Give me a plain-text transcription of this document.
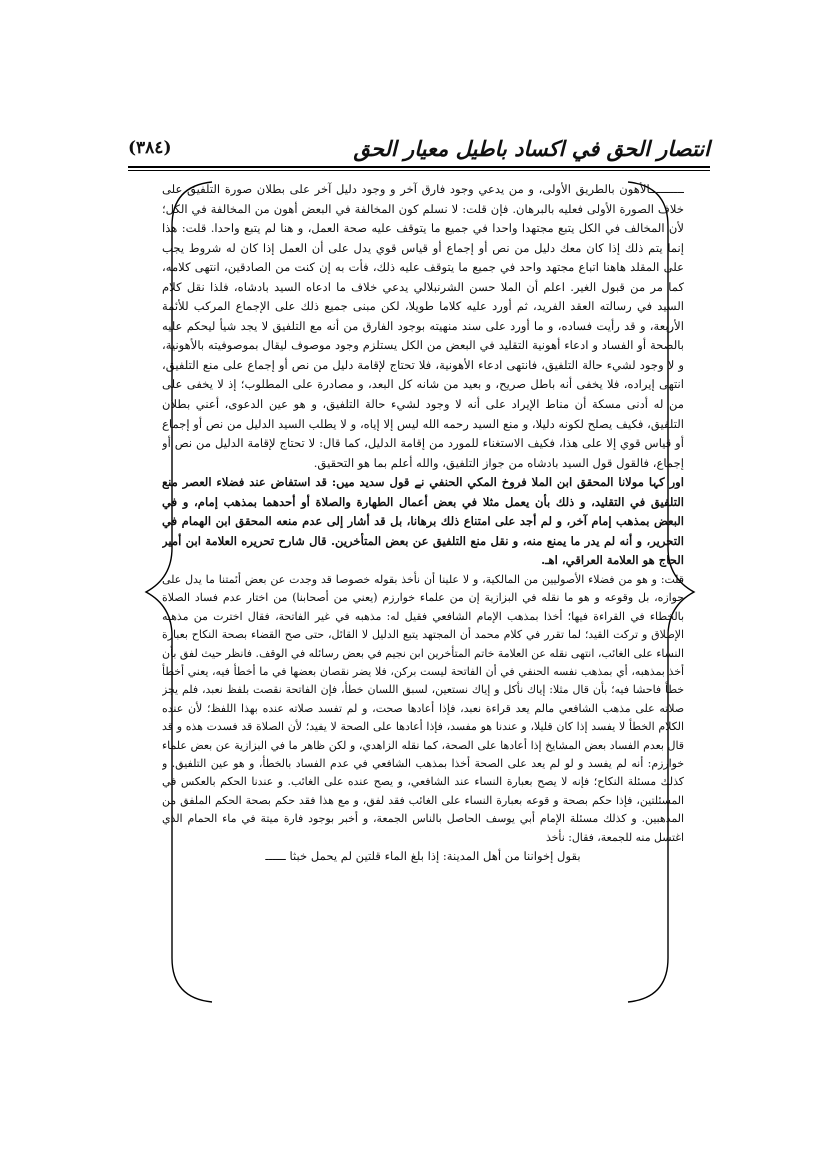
(٣٨٤)	انتصار الحق في اكساد باطيل معيار الحق

ــــــــــ الأهون بالطريق الأولى، و من يدعي وجود فارق آخر و وجود دليل آخر على بطلان صورة التلفيق على خلاف الصورة الأولى فعليه بالبرهان. فإن قلت: لا نسلم كون المخالفة في البعض أهون من المخالفة في الكل؛ لأن المخالف في الكل يتبع مجتهدا واحدا في جميع ما يتوقف عليه صحة العمل، و هنا لم يتبع واحدا. قلت: هذا إنما يتم ذلك إذا كان معك دليل من نص أو إجماع أو قياس قوي يدل على أن العمل إذا كان له شروط يجب على المقلد هاهنا اتباع مجتهد واحد في جميع ما يتوقف عليه ذلك، فأت به إن كنت من الصادقين، انتهى كلامه، كما مر من قبول الغير. اعلم أن الملا حسن الشرنبلالي يدعي خلاف ما ادعاه السيد بادشاه، فلذا نقل كلام السيد في رسالته العقد الفريد، ثم أورد عليه كلاما طويلا، لكن مبنى جميع ذلك على الإجماع المركب للأئمة الأربعة، و قد رأيت فساده، و ما أورد على سند منهيته بوجود الفارق من أنه مع التلفيق لا يجد شيأ ليحكم عليه بالصحة أو الفساد و ادعاء أهونية التقليد في البعض من الكل يستلزم وجود موصوف ليقال بموصوفيته بالأهونية، و لا وجود لشيء حالة التلفيق، فانتهى ادعاء الأهونية، فلا تحتاج لإقامة دليل من نص أو إجماع على منع التلفيق، انتهى إيراده، فلا يخفى أنه باطل صريح، و بعيد من شانه كل البعد، و مصادرة على المطلوب؛ إذ لا يخفى على من له أدنى مسكة أن مناط الإيراد على أنه لا وجود لشيء حالة التلفيق، و هو عين الدعوى، أعني بطلان التلفيق، فكيف يصلح لكونه دليلا، و منع السيد رحمه الله ليس إلا إياه، و لا يطلب السيد الدليل من نص أو إجماع أو قياس قوي إلا على هذا، فكيف الاستغناء للمورد من إقامة الدليل، كما قال: لا تحتاج لإقامة الدليل من نص أو إجماع، فالقول قول السيد بادشاه من جواز التلفيق، والله أعلم بما هو التحقيق.

اور كہا مولانا المحقق ابن الملا فروخ المكي الحنفي نے قول سديد میں: قد استفاض عند فضلاء العصر منع التلفيق في التقليد، و ذلك بأن يعمل مثلا في بعض أعمال الطهارة والصلاة أو أحدهما بمذهب إمام، و في البعض بمذهب إمام آخر، و لم أجد على امتناع ذلك برهانا، بل قد أشار إلى عدم منعه المحقق ابن الهمام في التحرير، و أنه لم يدر ما يمنع منه، و نقل منع التلفيق عن بعض المتأخرين. قال شارح تحريره العلامة ابن أمير الحاج هو العلامة العراقي، اهـ.

قلت: و هو من فضلاء الأصوليين من المالكية، و لا علينا أن نأخذ بقوله خصوصا قد وجدت عن بعض أئمتنا ما يدل على جوازه، بل وقوعه و هو ما نقله في البزازية إن من علماء خوارزم (يعني من أصحابنا) من اختار عدم فساد الصلاة بالخطاء في القراءة فيها؛ أخذا بمذهب الإمام الشافعي فقيل له: مذهبه في غير الفاتحة، فقال اخترت من مذهبه الإطلاق و تركت القيد؛ لما تقرر في كلام محمد أن المجتهد يتبع الدليل لا القائل، حتى صح القضاء بصحة النكاح بعبارة النساء على الغائب، انتهى نقله عن العلامة خاتم المتأخرين ابن نجيم في بعض رسائله في الوقف. فانظر حيث لفق بأن أخذ بمذهبه، أي بمذهب نفسه الحنفي في أن الفاتحة ليست بركن، فلا يضر نقصان بعضها في ما أخطأ فيه، يعني أخطأ خطأ فاحشا فيه؛ بأن قال مثلا: إياك نأكل و إياك نستعين، لسبق اللسان خطأ، فإن الفاتحة نقصت بلفظ نعبد، فلم يجز صلاته على مذهب الشافعي مالم يعد قراءة نعبد، فإذا أعادها صحت، و لم تفسد صلاته عنده بهذا اللفظ؛ لأن عنده الكلام الخطأ لا يفسد إذا كان قليلا، و عندنا هو مفسد، فإذا أعادها على الصحة لا يفيد؛ لأن الصلاة قد فسدت هذه و قد قال بعدم الفساد بعض المشايخ إذا أعادها على الصحة، كما نقله الزاهدي، و لكن ظاهر ما في البزازية عن بعض علماء خوارزم: أنه لم يفسد و لو لم يعد على الصحة أخذا بمذهب الشافعي في عدم الفساد بالخطأ، و هو عين التلفيق. و كذلك مسئلة النكاح؛ فإنه لا يصح بعبارة النساء عند الشافعي، و يصح عنده على الغائب. و عندنا الحكم بالعكس في المسئلتين، فإذا حكم بصحة و قوعه بعبارة النساء على الغائب فقد لفق، و مع هذا فقد حكم بصحة الحكم الملفق من المذهبين. و كذلك مسئلة الإمام أبي يوسف الحاصل بالناس الجمعة، و أخبر بوجود فارة ميتة في ماء الحمام الذي اغتسل منه للجمعة، فقال: نأخذ

بقول إخواننا من أهل المدينة: إذا بلغ الماء قلتين لم يحمل خبثا ــــــ
